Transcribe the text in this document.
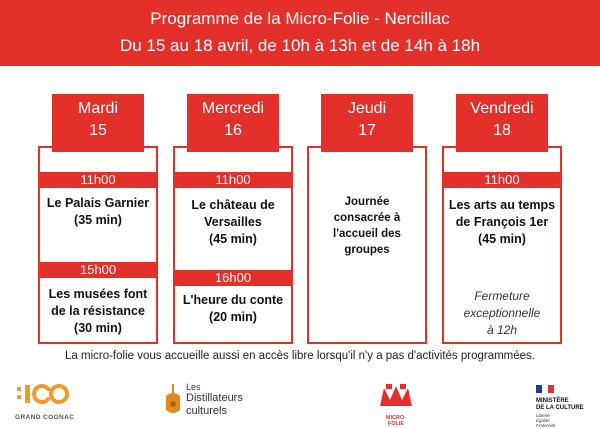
Programme de la Micro-Folie - Nercillac
Du 15 au 18 avril, de 10h à 13h et de 14h à 18h
Mardi
15
11h00
Le Palais Garnier
(35 min)
15h00
Les musées font de la résistance
(30 min)
Mercredi
16
11h00
Le château de Versailles
(45 min)
16h00
L'heure du conte
(20 min)
Jeudi
17
Journée consacrée à l'accueil des groupes
Vendredi
18
11h00
Les arts au temps de François 1er
(45 min)
Fermeture exceptionnelle à 12h
La micro-folie vous accueille aussi en accès libre lorsqu'il n'y a pas d'activités programmées.
GRAND COGNAC
Les
Distillateurs
culturels
MICRO-FOLIE
MINISTÈRE
DE LA CULTURE
Liberté
Égalité
Fraternité
